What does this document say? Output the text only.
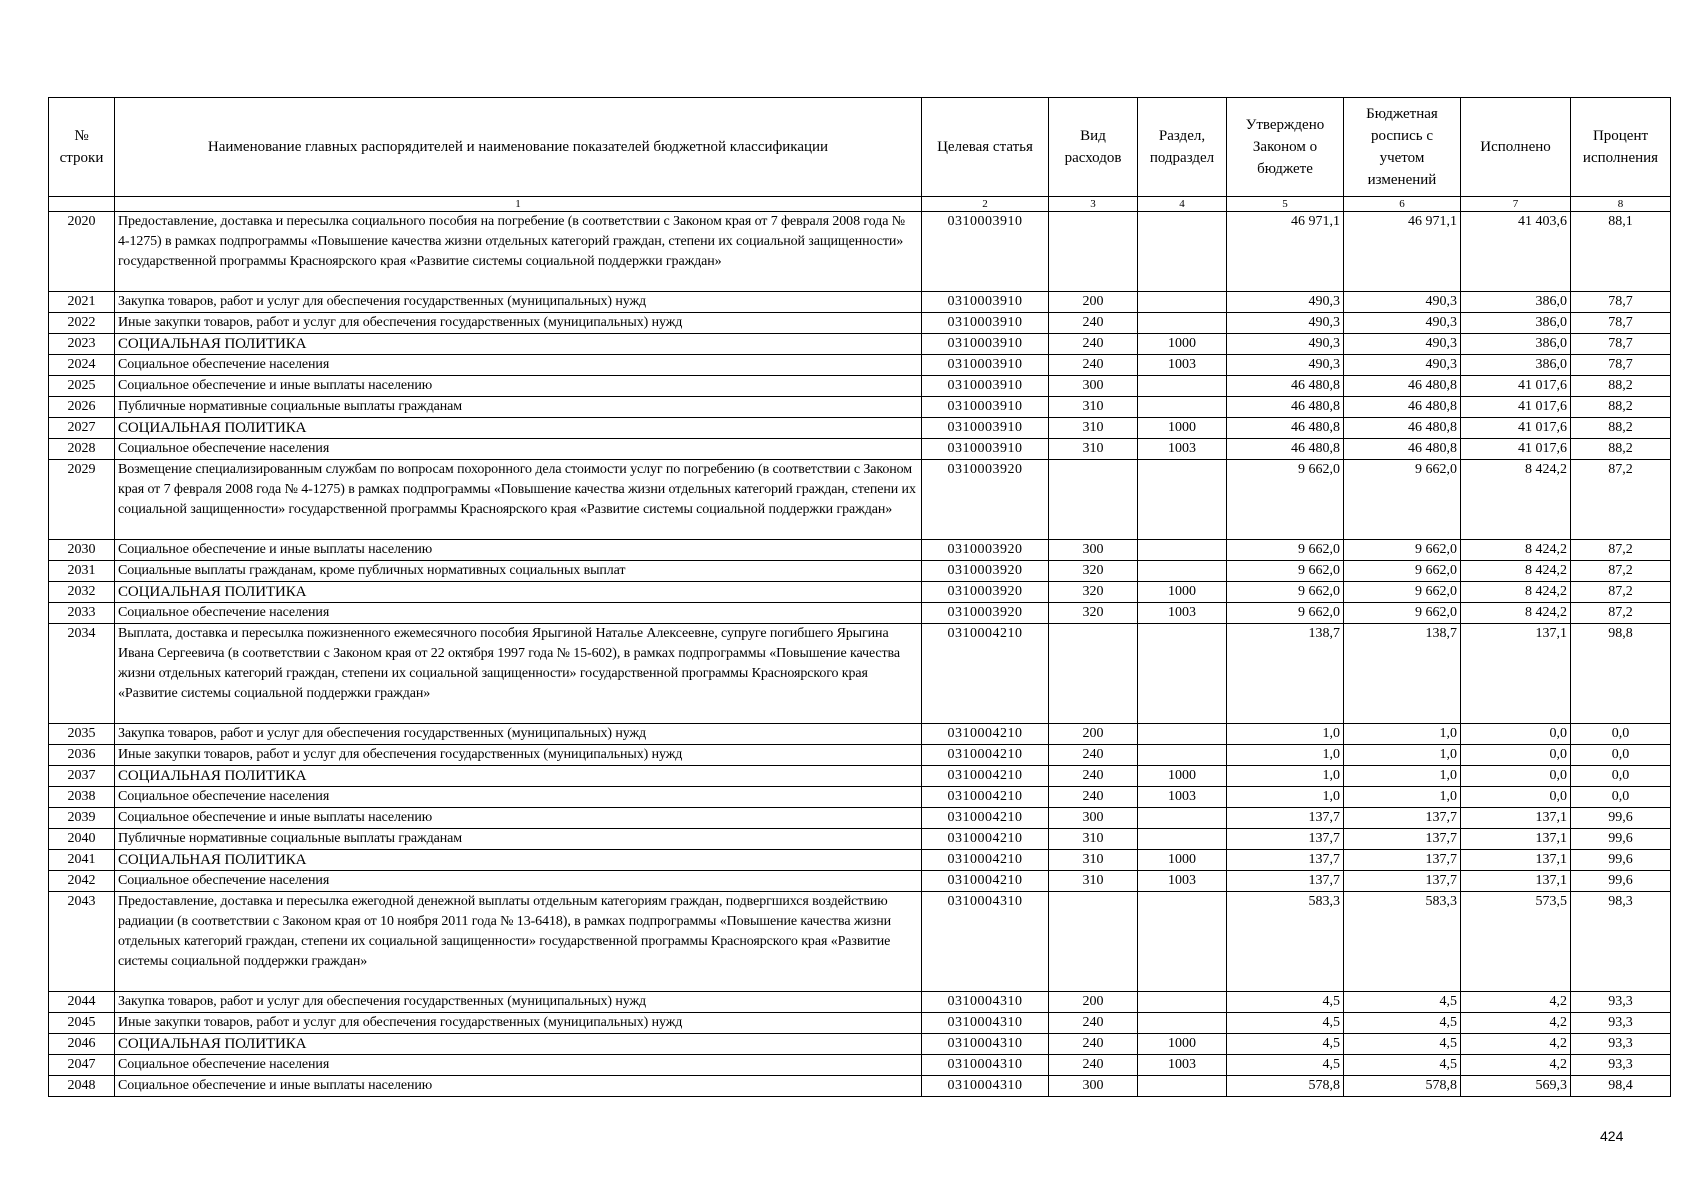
№ строки	Наименование главных распорядителей и наименование показателей бюджетной классификации	Целевая статья	Вид расходов	Раздел, подраздел	Утверждено Законом о бюджете	Бюджетная роспись с учетом изменений	Исполнено	Процент исполнения
	1	2	3	4	5	6	7	8
2020	Предоставление, доставка и пересылка социального пособия на погребение (в соответствии с Законом края от 7 февраля 2008 года № 4-1275) в рамках подпрограммы «Повышение качества жизни отдельных категорий граждан, степени их социальной защищенности» государственной программы Красноярского края «Развитие системы социальной поддержки граждан»	0310003910			46 971,1	46 971,1	41 403,6	88,1
2021	Закупка товаров, работ и услуг для обеспечения государственных (муниципальных) нужд	0310003910	200		490,3	490,3	386,0	78,7
2022	Иные закупки товаров, работ и услуг для обеспечения государственных (муниципальных) нужд	0310003910	240		490,3	490,3	386,0	78,7
2023	СОЦИАЛЬНАЯ ПОЛИТИКА	0310003910	240	1000	490,3	490,3	386,0	78,7
2024	Социальное обеспечение населения	0310003910	240	1003	490,3	490,3	386,0	78,7
2025	Социальное обеспечение и иные выплаты населению	0310003910	300		46 480,8	46 480,8	41 017,6	88,2
2026	Публичные нормативные социальные выплаты гражданам	0310003910	310		46 480,8	46 480,8	41 017,6	88,2
2027	СОЦИАЛЬНАЯ ПОЛИТИКА	0310003910	310	1000	46 480,8	46 480,8	41 017,6	88,2
2028	Социальное обеспечение населения	0310003910	310	1003	46 480,8	46 480,8	41 017,6	88,2
2029	Возмещение специализированным службам по вопросам похоронного дела стоимости услуг по погребению (в соответствии с Законом края от 7 февраля 2008 года № 4-1275) в рамках подпрограммы «Повышение качества жизни отдельных категорий граждан, степени их социальной защищенности» государственной программы Красноярского края «Развитие системы социальной поддержки граждан»	0310003920			9 662,0	9 662,0	8 424,2	87,2
2030	Социальное обеспечение и иные выплаты населению	0310003920	300		9 662,0	9 662,0	8 424,2	87,2
2031	Социальные выплаты гражданам, кроме публичных нормативных социальных выплат	0310003920	320		9 662,0	9 662,0	8 424,2	87,2
2032	СОЦИАЛЬНАЯ ПОЛИТИКА	0310003920	320	1000	9 662,0	9 662,0	8 424,2	87,2
2033	Социальное обеспечение населения	0310003920	320	1003	9 662,0	9 662,0	8 424,2	87,2
2034	Выплата, доставка и пересылка пожизненного ежемесячного пособия Ярыгиной Наталье Алексеевне, супруге погибшего Ярыгина Ивана Сергеевича (в соответствии с Законом края от 22 октября 1997 года № 15-602), в рамках подпрограммы «Повышение качества жизни отдельных категорий граждан, степени их социальной защищенности» государственной программы Красноярского края «Развитие системы социальной поддержки граждан»	0310004210			138,7	138,7	137,1	98,8
2035	Закупка товаров, работ и услуг для обеспечения государственных (муниципальных) нужд	0310004210	200		1,0	1,0	0,0	0,0
2036	Иные закупки товаров, работ и услуг для обеспечения государственных (муниципальных) нужд	0310004210	240		1,0	1,0	0,0	0,0
2037	СОЦИАЛЬНАЯ ПОЛИТИКА	0310004210	240	1000	1,0	1,0	0,0	0,0
2038	Социальное обеспечение населения	0310004210	240	1003	1,0	1,0	0,0	0,0
2039	Социальное обеспечение и иные выплаты населению	0310004210	300		137,7	137,7	137,1	99,6
2040	Публичные нормативные социальные выплаты гражданам	0310004210	310		137,7	137,7	137,1	99,6
2041	СОЦИАЛЬНАЯ ПОЛИТИКА	0310004210	310	1000	137,7	137,7	137,1	99,6
2042	Социальное обеспечение населения	0310004210	310	1003	137,7	137,7	137,1	99,6
2043	Предоставление, доставка и пересылка ежегодной денежной выплаты отдельным категориям граждан, подвергшихся воздействию радиации (в соответствии с Законом края от 10 ноября 2011 года № 13-6418), в рамках подпрограммы «Повышение качества жизни отдельных категорий граждан, степени их социальной защищенности» государственной программы Красноярского края «Развитие системы социальной поддержки граждан»	0310004310			583,3	583,3	573,5	98,3
2044	Закупка товаров, работ и услуг для обеспечения государственных (муниципальных) нужд	0310004310	200		4,5	4,5	4,2	93,3
2045	Иные закупки товаров, работ и услуг для обеспечения государственных (муниципальных) нужд	0310004310	240		4,5	4,5	4,2	93,3
2046	СОЦИАЛЬНАЯ ПОЛИТИКА	0310004310	240	1000	4,5	4,5	4,2	93,3
2047	Социальное обеспечение населения	0310004310	240	1003	4,5	4,5	4,2	93,3
2048	Социальное обеспечение и иные выплаты населению	0310004310	300		578,8	578,8	569,3	98,4
424
